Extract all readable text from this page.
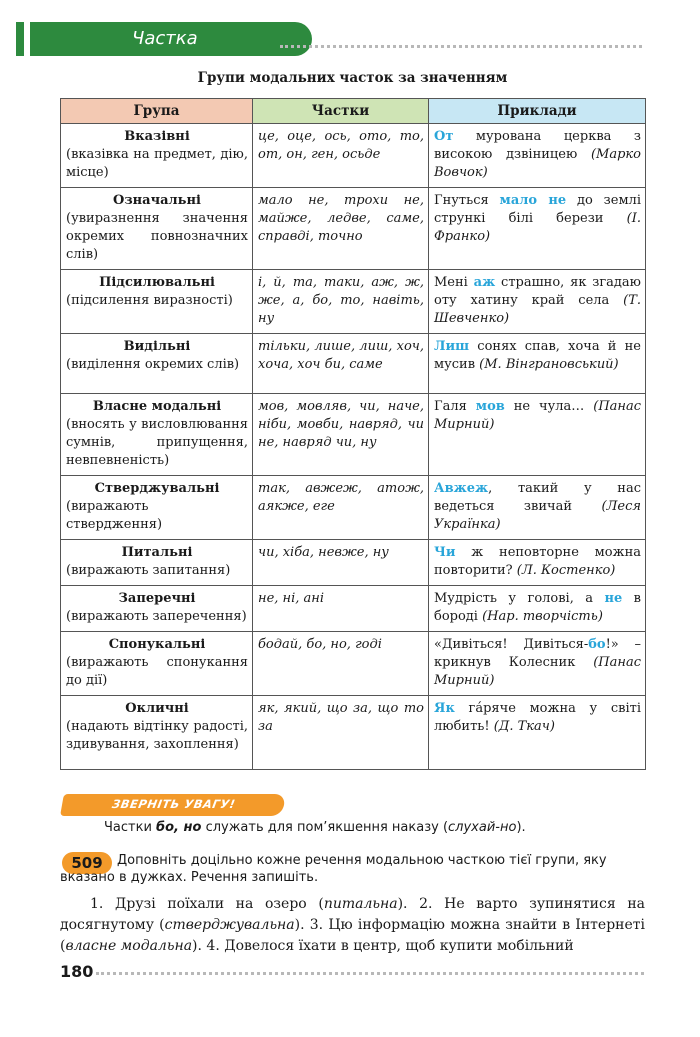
Частка
Групи модальних часток за значенням
Група	Частки	Приклади

Вказівні
(вказівка на предмет, дію, місце)	це, оце, ось, ото, то, от, он, ген, осьде	От мурована церква з високою дзвіницею (Марко Вовчок)

Означальні
(увиразнення значення окремих повнозначних слів)	мало не, трохи не, майже, ледве, саме, справді, точно	Гнуться мало не до землі стрункі білі берези (І. Франко)

Підсилювальні
(підсилення виразності)	і, й, та, таки, аж, ж, же, а, бо, то, навіть, ну	Мені аж страшно, як згадаю оту хатину край села (Т. Шевченко)

Видільні
(виділення окремих слів)	тільки, лише, лиш, хоч, хоча, хоч би, саме	Лиш сонях спав, хоча й не мусив (М. Вінграновський)

Власне модальні
(вносять у висловлювання сумнів, припущення, невпевненість)	мов, мовляв, чи, наче, ніби, мовби, навряд, чи не, навряд чи, ну	Галя мов не чула… (Панас Мирний)

Стверджувальні
(виражають ствердження)	так, авжеж, атож, аякже, еге	Авжеж, такий у нас ведеться звичай (Леся Українка)

Питальні
(виражають запитання)	чи, хіба, невже, ну	Чи ж неповторне можна повторити? (Л. Костенко)

Заперечні
(виражають заперечення)	не, ні, ані	Мудрість у голові, а не в бороді (Нар. творчість)

Спонукальні
(виражають спонукання до дії)	бодай, бо, но, годі	«Дивіться! Дивіться-бо!» – крикнув Колесник (Панас Мирний)

Окличні
(надають відтінку радості, здивування, захоплення)	як, який, що за, що то за	Як гáряче можна у світі любить! (Д. Ткач)
ЗВЕРНІТЬ УВАГУ!
Частки бо, но служать для пом’якшення наказу (слухай-но).
509	Доповніть доцільно кожне речення модальною часткою тієї групи, яку вказано в дужках. Речення запишіть.
1. Друзі поїхали на озеро (питальна). 2. Не варто зупинятися на досягнутому (стверджувальна). 3. Цю інформацію можна знайти в Інтернеті (власне модальна). 4. Довелося їхати в центр, щоб купити мобільний
180
